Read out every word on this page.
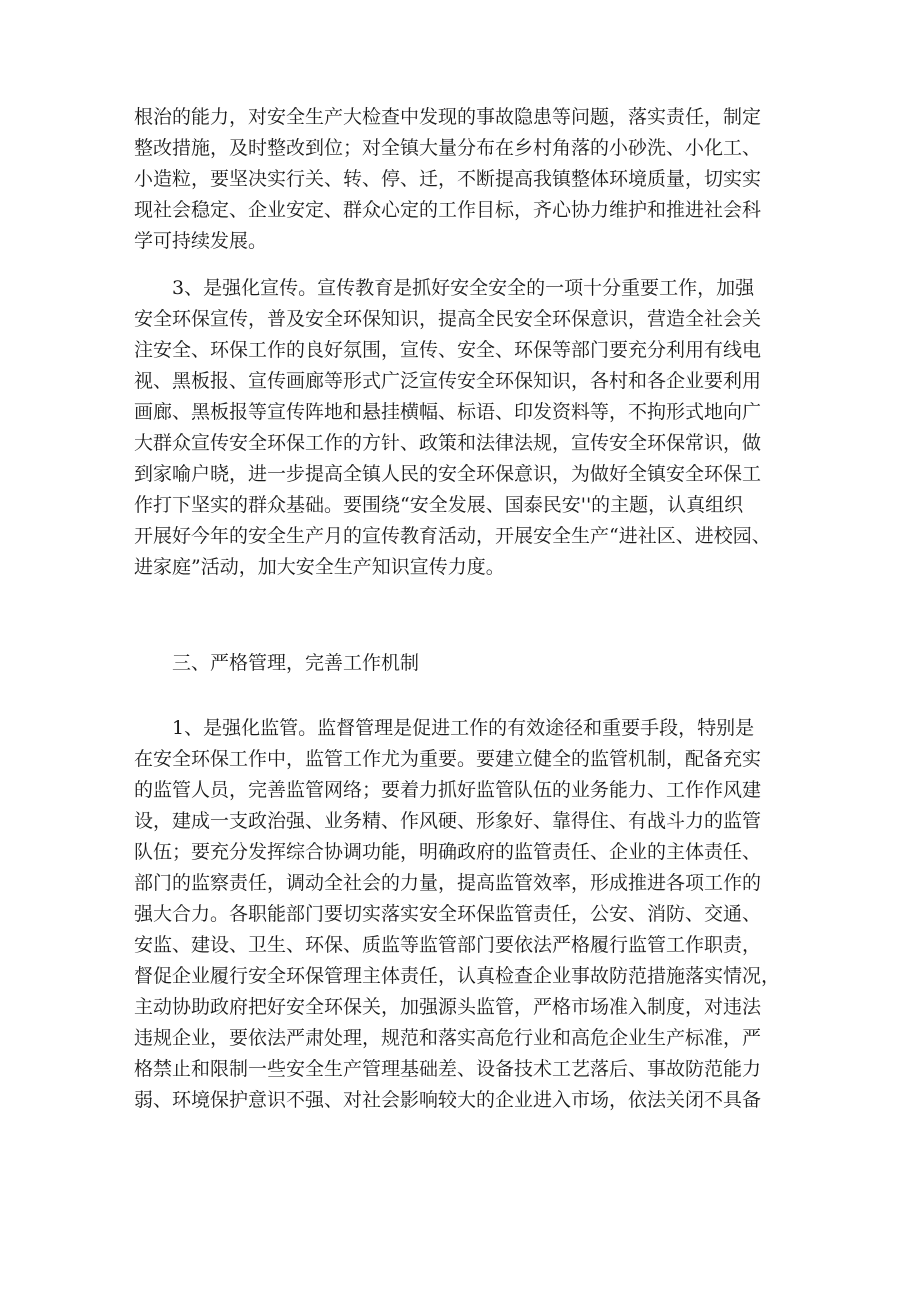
根治的能力，对安全生产大检查中发现的事故隐患等问题，落实责任，制定
整改措施，及时整改到位；对全镇大量分布在乡村角落的小砂洗、小化工、
小造粒，要坚决实行关、转、停、迁，不断提高我镇整体环境质量，切实实
现社会稳定、企业安定、群众心定的工作目标，齐心协力维护和推进社会科
学可持续发展。
3、是强化宣传。宣传教育是抓好安全安全的一项十分重要工作，加强
安全环保宣传，普及安全环保知识，提高全民安全环保意识，营造全社会关
注安全、环保工作的良好氛围，宣传、安全、环保等部门要充分利用有线电
视、黑板报、宣传画廊等形式广泛宣传安全环保知识，各村和各企业要利用
画廊、黑板报等宣传阵地和悬挂横幅、标语、印发资料等，不拘形式地向广
大群众宣传安全环保工作的方针、政策和法律法规，宣传安全环保常识，做
到家喻户晓，进一步提高全镇人民的安全环保意识，为做好全镇安全环保工
作打下坚实的群众基础。要围绕“安全发展、国泰民安''的主题，认真组织
开展好今年的安全生产月的宣传教育活动，开展安全生产“进社区、进校园、
进家庭”活动，加大安全生产知识宣传力度。
三、严格管理，完善工作机制
1、是强化监管。监督管理是促进工作的有效途径和重要手段，特别是
在安全环保工作中，监管工作尤为重要。要建立健全的监管机制，配备充实
的监管人员，完善监管网络；要着力抓好监管队伍的业务能力、工作作风建
设，建成一支政治强、业务精、作风硬、形象好、靠得住、有战斗力的监管
队伍；要充分发挥综合协调功能，明确政府的监管责任、企业的主体责任、
部门的监察责任，调动全社会的力量，提高监管效率，形成推进各项工作的
强大合力。各职能部门要切实落实安全环保监管责任，公安、消防、交通、
安监、建设、卫生、环保、质监等监管部门要依法严格履行监管工作职责，
督促企业履行安全环保管理主体责任，认真检查企业事故防范措施落实情况，
主动协助政府把好安全环保关，加强源头监管，严格市场准入制度，对违法
违规企业，要依法严肃处理，规范和落实高危行业和高危企业生产标准，严
格禁止和限制一些安全生产管理基础差、设备技术工艺落后、事故防范能力
弱、环境保护意识不强、对社会影响较大的企业进入市场，依法关闭不具备
